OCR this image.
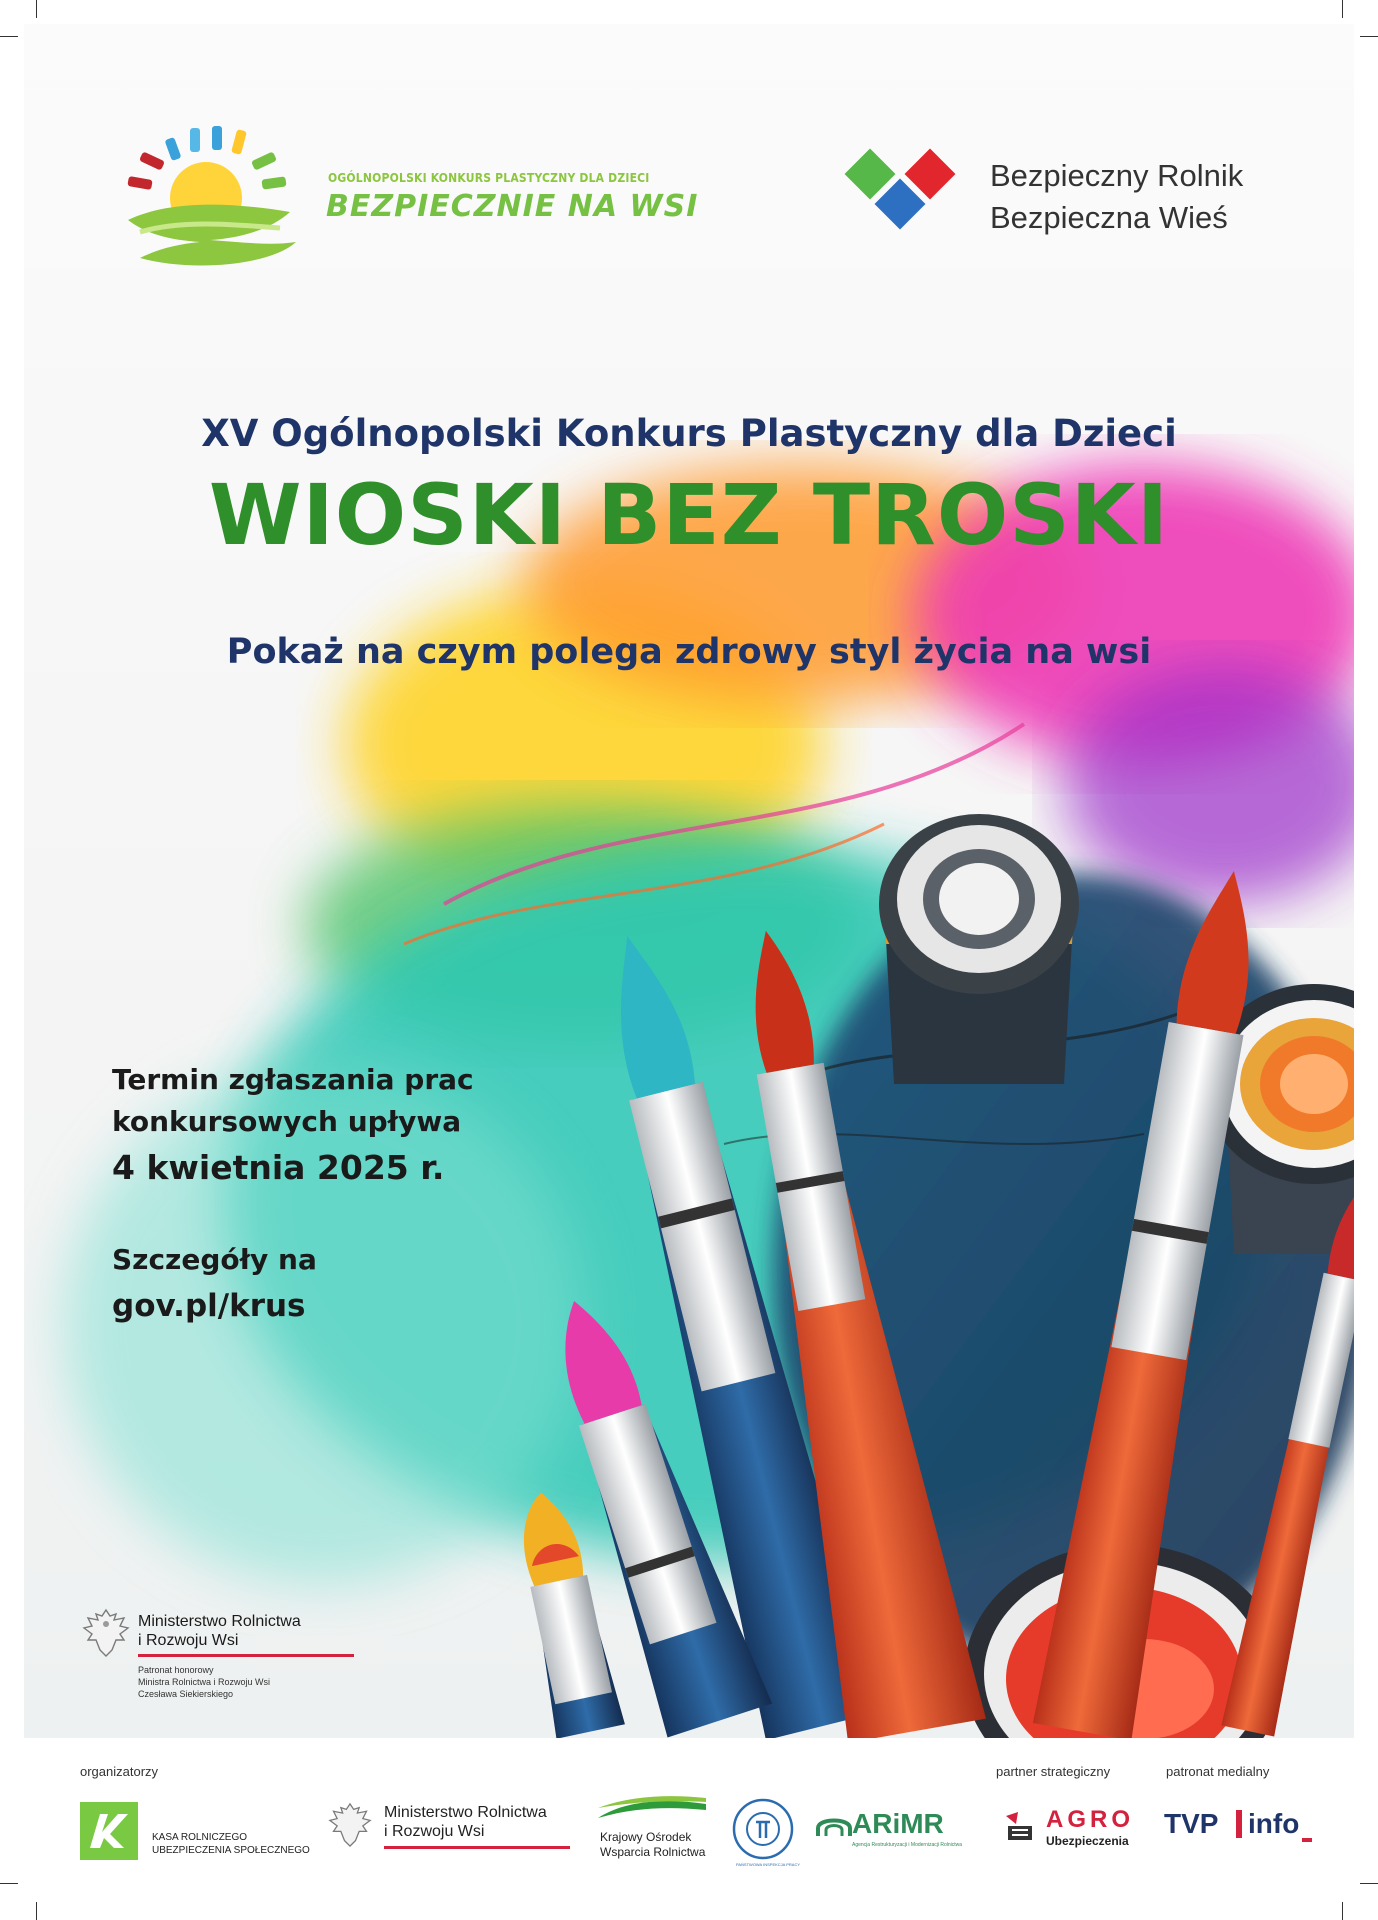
OGÓLNOPOLSKI KONKURS PLASTYCZNY DLA DZIECI
BEZPIECZNIE NA WSI
Bezpieczny Rolnik
Bezpieczna Wieś
XV Ogólnopolski Konkurs Plastyczny dla Dzieci
WIOSKI BEZ TROSKI
Pokaż na czym polega zdrowy styl życia na wsi
Termin zgłaszania prac
konkursowych upływa
4 kwietnia 2025 r.
Szczegóły na
gov.pl/krus
Ministerstwo Rolnictwa
i Rozwoju Wsi
Patronat honorowy
Ministra Rolnictwa i Rozwoju Wsi
Czesława Siekierskiego
organizatorzy	partner strategiczny	patronat medialny
KASA ROLNICZEGO
UBEZPIECZENIA SPOŁECZNEGO
Ministerstwo Rolnictwa
i Rozwoju Wsi	Krajowy Ośrodek
Wsparcia Rolnictwa
PAŃSTWOWA INSPEKCJA PRACY
ARiMR
Agencja Restrukturyzacji i Modernizacji Rolnictwa
AGRO
Ubezpieczenia
TVP info
